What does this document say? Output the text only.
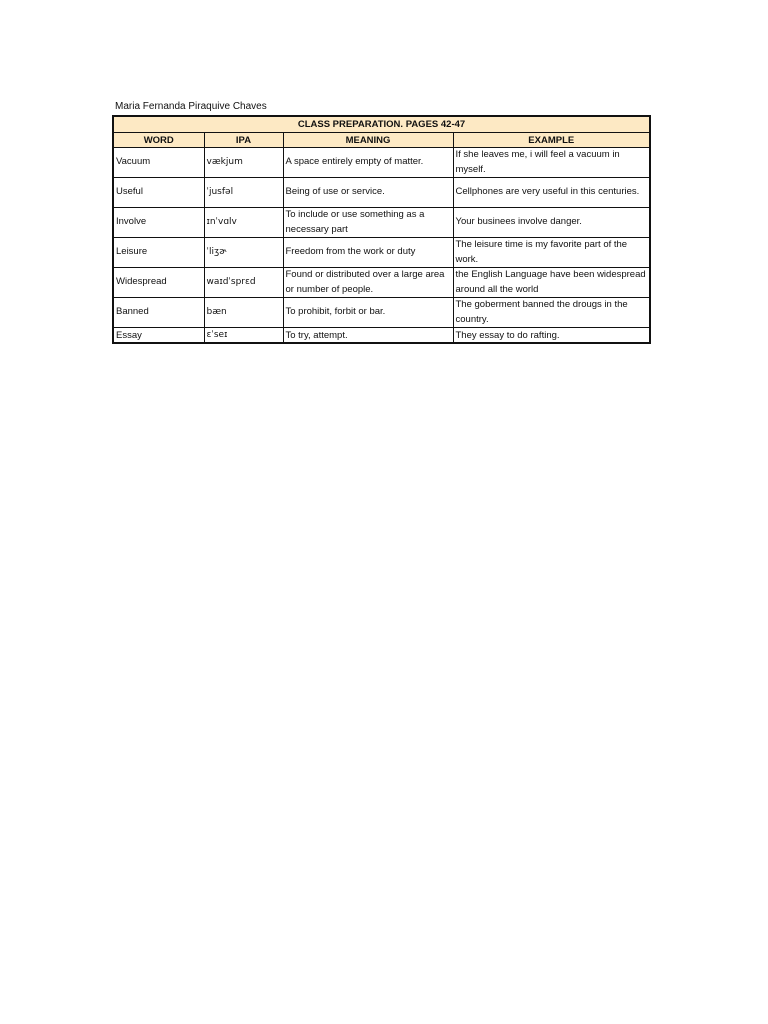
Maria Fernanda Piraquive Chaves
CLASS PREPARATION. PAGES 42-47			
WORD	IPA	MEANING	EXAMPLE
Vacuum	vækjum	A space entirely empty of matter.	If she leaves me, i will feel a vacuum in myself.
Useful	ˈjusfəl	Being of use or service.	Cellphones are very useful in this centuries.
Involve	ɪnˈvɑlv	To include or use something as a necessary part	Your businees involve danger.
Leisure	ˈliʒɚ	Freedom from the work or duty	The leisure time is my favorite part of the work.
Widespread	waɪdˈsprɛd	Found or distributed over a large area or number of people.	the English Language have been widespread around all the world
Banned	bæn	To prohibit, forbit or bar.	The goberment banned the drougs in the country.
Essay	ɛˈseɪ	To try, attempt.	They essay to do rafting.
